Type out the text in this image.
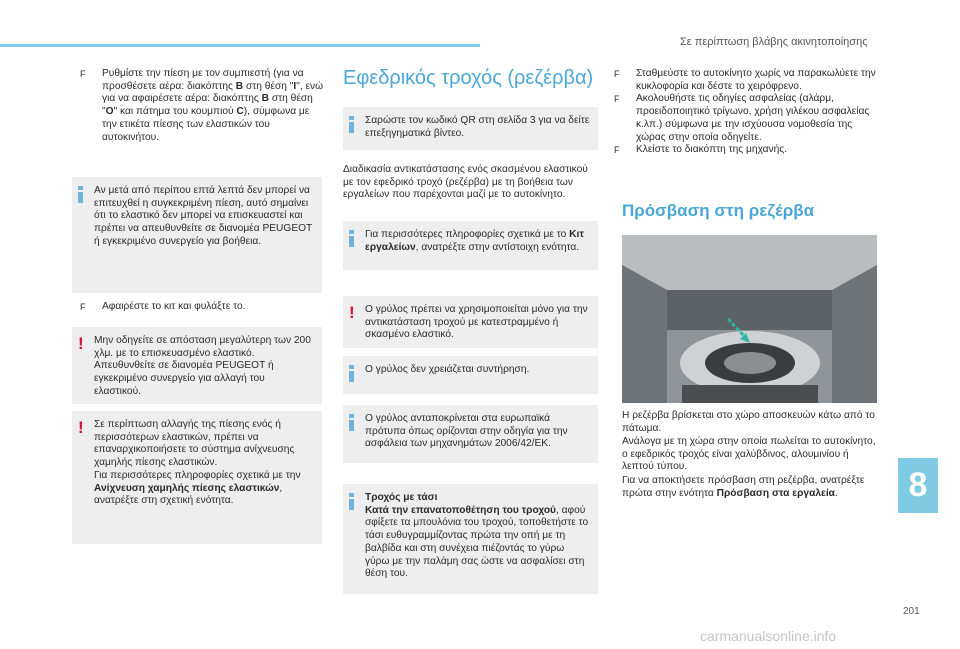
Σε περίπτωση βλάβης ακινητοποίησης
F Ρυθμίστε την πίεση με τον συμπιεστή (για να προσθέσετε αέρα: διακόπτης B στη θέση "I", ενώ για να αφαιρέσετε αέρα: διακόπτης B στη θέση "O" και πάτημα του κουμπιού C), σύμφωνα με την ετικέτα πίεσης των ελαστικών του αυτοκινήτου.
Αν μετά από περίπου επτά λεπτά δεν μπορεί να επιτευχθεί η συγκεκριμένη πίεση, αυτό σημαίνει ότι το ελαστικό δεν μπορεί να επισκευαστεί και πρέπει να απευθυνθείτε σε διανομέα PEUGEOT ή εγκεκριμένο συνεργείο για βοήθεια.
F Αφαιρέστε το κιτ και φυλάξτε το.
! Μην οδηγείτε σε απόσταση μεγαλύτερη των 200 χλμ. με το επισκευασμένο ελαστικό. Απευθυνθείτε σε διανομέα PEUGEOT ή εγκεκριμένο συνεργείο για αλλαγή του ελαστικού.
! Σε περίπτωση αλλαγής της πίεσης ενός ή περισσότερων ελαστικών, πρέπει να επαναρχικοποιήσετε το σύστημα ανίχνευσης χαμηλής πίεσης ελαστικών.
Για περισσότερες πληροφορίες σχετικά με την Ανίχνευση χαμηλής πίεσης ελαστικών, ανατρέξτε στη σχετική ενότητα.
Εφεδρικός τροχός (ρεζέρβα)
Σαρώστε τον κωδικό QR στη σελίδα 3 για να δείτε επεξηγηματικά βίντεο.
Διαδικασία αντικατάστασης ενός σκασμένου ελαστικού με τον εφεδρικό τροχό (ρεζέρβα) με τη βοήθεια των εργαλείων που παρέχονται μαζί με το αυτοκίνητο.
Για περισσότερες πληροφορίες σχετικά με το Κιτ εργαλείων, ανατρέξτε στην αντίστοιχη ενότητα.
! Ο γρύλος πρέπει να χρησιμοποιείται μόνο για την αντικατάσταση τροχού με κατεστραμμένο ή σκασμένο ελαστικό.
Ο γρύλος δεν χρειάζεται συντήρηση.
Ο γρύλος ανταποκρίνεται στα ευρωπαϊκά πρότυπα όπως ορίζονται στην οδηγία για την ασφάλεια των μηχανημάτων 2006/42/ΕΚ.
Τροχός με τάσι
Κατά την επανατοποθέτηση του τροχού, αφού σφίξετε τα μπουλόνια του τροχού, τοποθετήστε το τάσι ευθυγραμμίζοντας πρώτα την οπή με τη βαλβίδα και στη συνέχεια πιέζοντάς το γύρω γύρω με την παλάμη σας ώστε να ασφαλίσει στη θέση του.
F Σταθμεύστε το αυτοκίνητο χωρίς να παρακωλύετε την κυκλοφορία και δέστε το χειρόφρενο.
F Ακολουθήστε τις οδηγίες ασφαλείας (αλάρμ, προειδοποιητικό τρίγωνο, χρήση γιλέκου ασφαλείας κ.λπ.) σύμφωνα με την ισχύουσα νομοθεσία της χώρας στην οποία οδηγείτε.
F Κλείστε το διακόπτη της μηχανής.
Πρόσβαση στη ρεζέρβα
Η ρεζέρβα βρίσκεται στο χώρο αποσκευών κάτω από το πάτωμα.
Ανάλογα με τη χώρα στην οποία πωλείται το αυτοκίνητο, ο εφεδρικός τροχός είναι χαλύβδινος, αλουμινίου ή λεπτού τύπου.
Για να αποκτήσετε πρόσβαση στη ρεζέρβα, ανατρέξτε πρώτα στην ενότητα Πρόσβαση στα εργαλεία.	8
201
carmanualsonline.info
